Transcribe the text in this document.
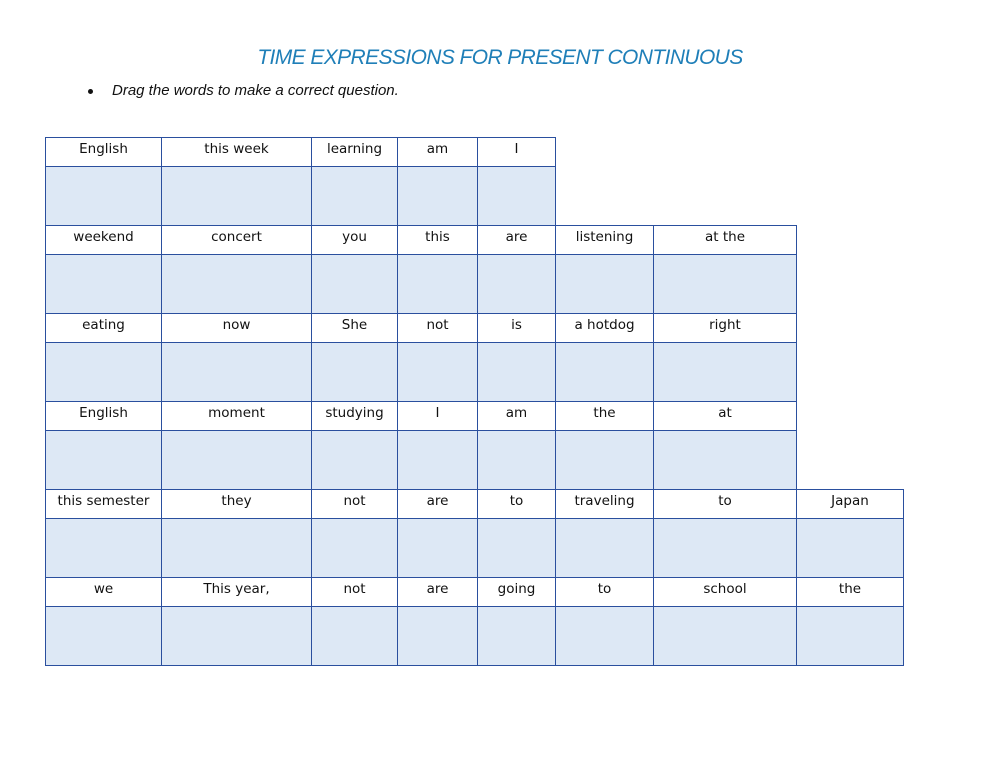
TIME EXPRESSIONS FOR PRESENT CONTINUOUS
Drag the words to make a correct question.
English	this week	learning	am	I
weekend	concert	you	this	are	listening	at the
eating	now	She	not	is	a hotdog	right
English	moment	studying	I	am	the	at
this semester	they	not	are	to	traveling	to	Japan
we	This year,	not	are	going	to	school	the
